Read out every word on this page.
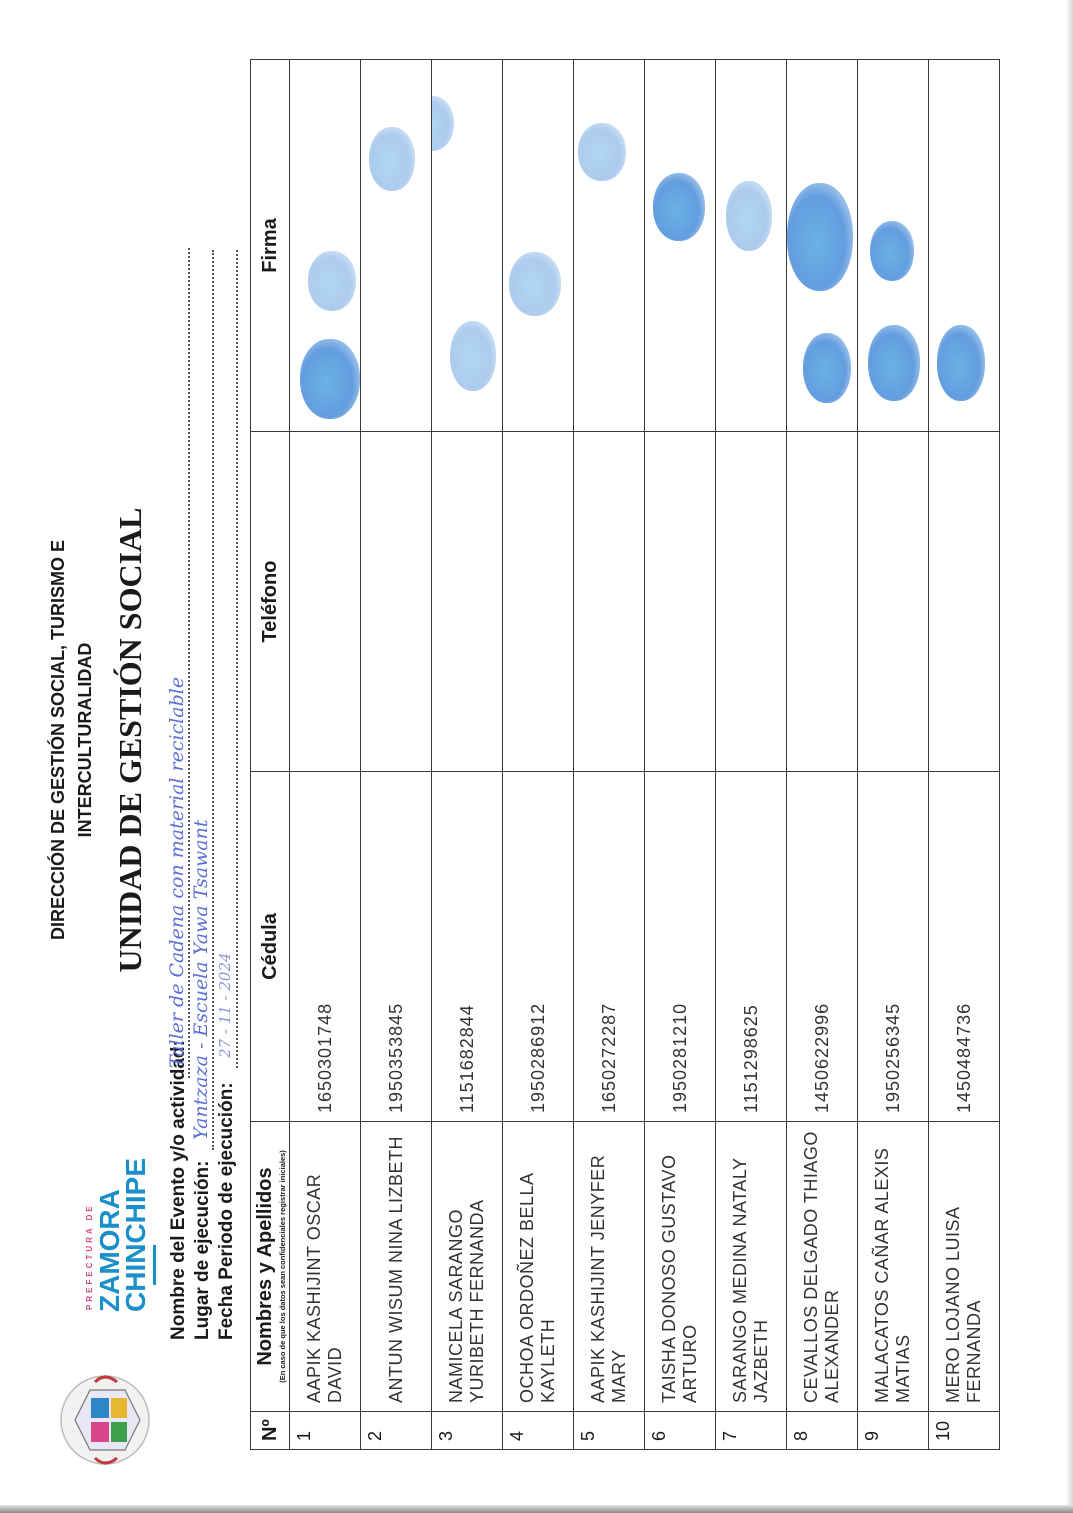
PREFECTURA DE ZAMORA
CHINCHIPE
DIRECCIÓN DE GESTIÓN SOCIAL, TURISMO E INTERCULTURALIDAD UNIDAD DE GESTIÓN SOCIAL
Nombre del Evento y/o actividad:
Taller de Cadena con material reciclable
Lugar de ejecución:
Yantzaza - Escuela Yawa Tsawant
Fecha Periodo de ejecución:
27 - 11 - 2024
Nº	Nombres y Apellidos (En caso de que los datos sean confidenciales registrar iniciales)	Cédula	Teléfono	Firma
1	AAPIK KASHIJINT OSCAR DAVID	1650301748		

2	ANTUN WISUM NINA LIZBETH	1950353845		

3	NAMICELA SARANGO YURIBETH FERNANDA	1151682844		

4	OCHOA ORDOÑEZ BELLA KAYLETH	1950286912		

5	AAPIK KASHIJINT JENYFER MARY	1650272287		

6	TAISHA DONOSO GUSTAVO ARTURO	1950281210		

7	SARANGO MEDINA NATALY JAZBETH	1151298625		

8	CEVALLOS DELGADO THIAGO ALEXANDER	1450622996		

9	MALACATOS CAÑAR ALEXIS MATIAS	1950256345		

10	MERO LOJANO LUISA FERNANDA	1450484736		
